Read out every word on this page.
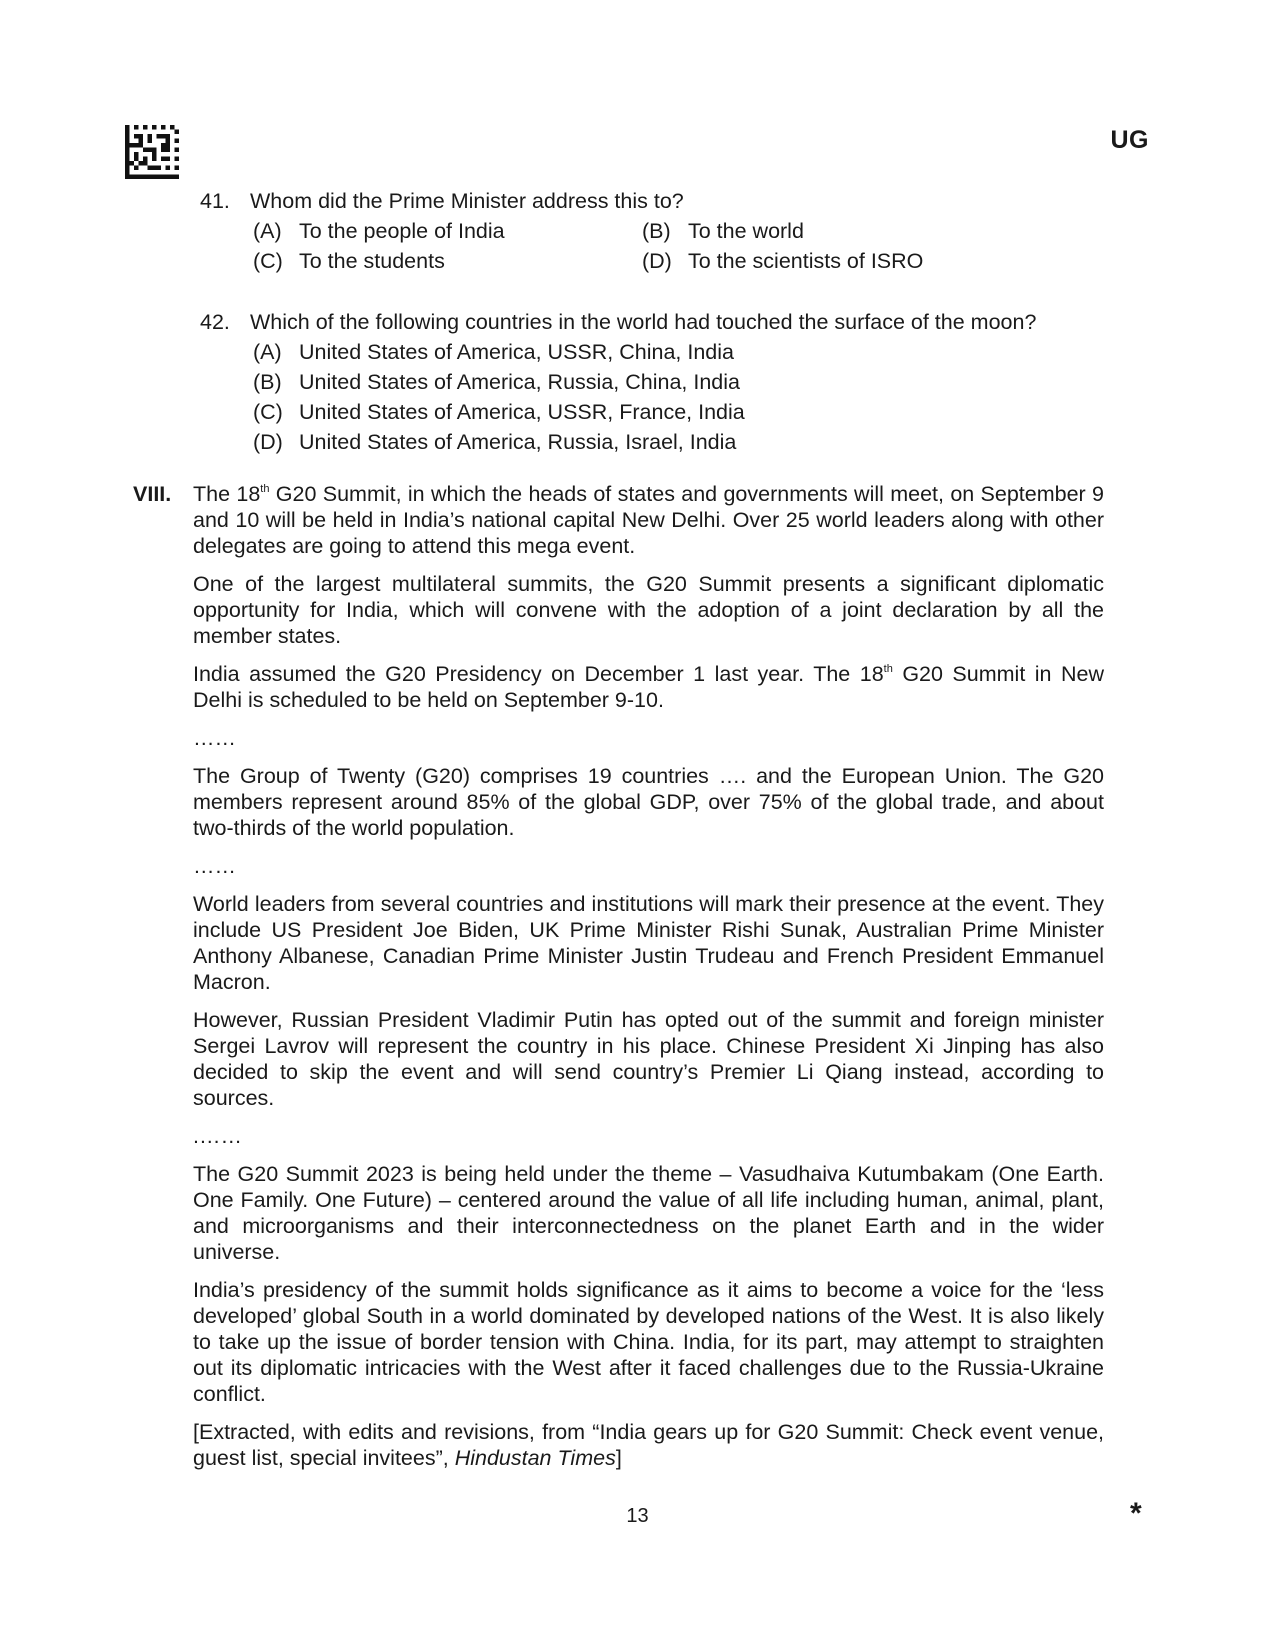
UG
41. Whom did the Prime Minister address this to?
(A) To the people of India	(B) To the world
(C) To the students	(D) To the scientists of ISRO
42. Which of the following countries in the world had touched the surface of the moon?
(A) United States of America, USSR, China, India
(B) United States of America, Russia, China, India
(C) United States of America, USSR, France, India
(D) United States of America, Russia, Israel, India
VIII. The 18th G20 Summit, in which the heads of states and governments will meet, on September 9 and 10 will be held in India’s national capital New Delhi. Over 25 world leaders along with other delegates are going to attend this mega event.

One of the largest multilateral summits, the G20 Summit presents a significant diplomatic opportunity for India, which will convene with the adoption of a joint declaration by all the member states.

India assumed the G20 Presidency on December 1 last year. The 18th G20 Summit in New Delhi is scheduled to be held on September 9-10.

……

The Group of Twenty (G20) comprises 19 countries …. and the European Union. The G20 members represent around 85% of the global GDP, over 75% of the global trade, and about two-thirds of the world population.

……

World leaders from several countries and institutions will mark their presence at the event. They include US President Joe Biden, UK Prime Minister Rishi Sunak, Australian Prime Minister Anthony Albanese, Canadian Prime Minister Justin Trudeau and French President Emmanuel Macron.

However, Russian President Vladimir Putin has opted out of the summit and foreign minister Sergei Lavrov will represent the country in his place. Chinese President Xi Jinping has also decided to skip the event and will send country’s Premier Li Qiang instead, according to sources.

.……

The G20 Summit 2023 is being held under the theme – Vasudhaiva Kutumbakam (One Earth. One Family. One Future) – centered around the value of all life including human, animal, plant, and microorganisms and their interconnectedness on the planet Earth and in the wider universe.

India’s presidency of the summit holds significance as it aims to become a voice for the ‘less developed’ global South in a world dominated by developed nations of the West. It is also likely to take up the issue of border tension with China. India, for its part, may attempt to straighten out its diplomatic intricacies with the West after it faced challenges due to the Russia-Ukraine conflict.

[Extracted, with edits and revisions, from “India gears up for G20 Summit: Check event venue, guest list, special invitees”, Hindustan Times]

13	*
